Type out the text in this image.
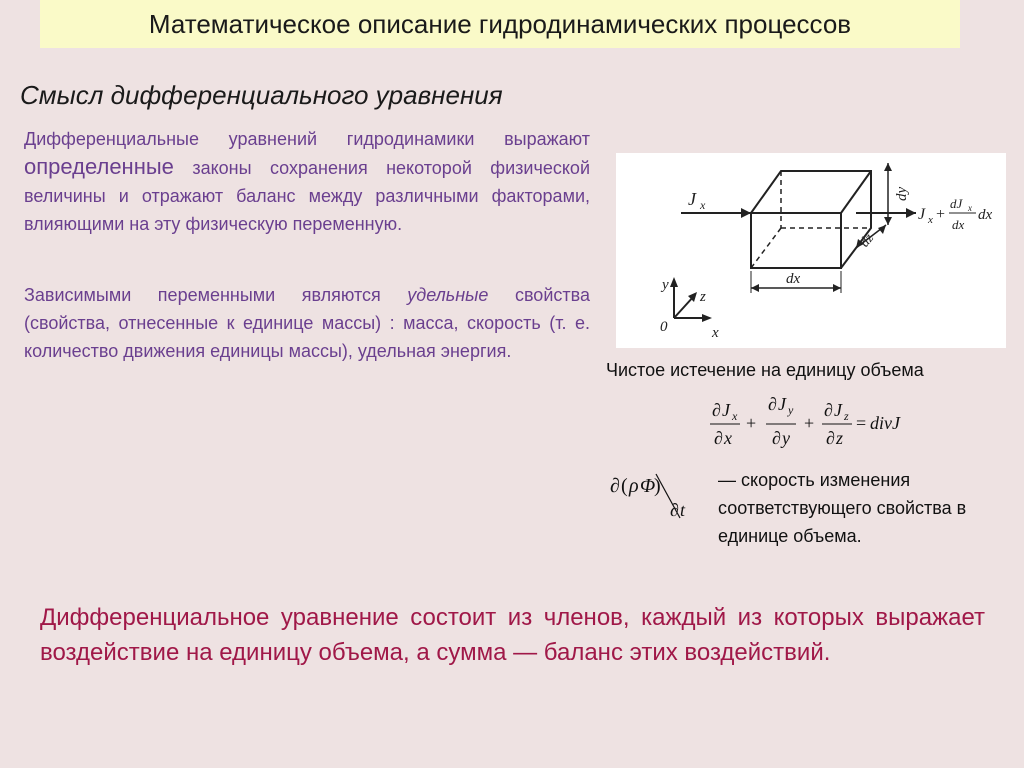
Математическое описание гидродинамических процессов
Смысл дифференциального уравнения

Дифференциальные уравнений гидродинамики выражают определенные законы сохранения некоторой физической величины и отражают баланс между различными факторами, влияющими на эту физическую переменную.

Зависимыми переменными являются удельные свойства (свойства, отнесенные к единице массы) : масса, скорость (т. е. количество движения единицы массы), удельная энергия.

J x
J x +
dJ x
dx
dx
dy
dz
dx
y
z
x
0
Чистое истечение на единицу объема
∂ J x
∂ x
+
∂ J y
∂ y
+
∂ J z
∂ z
= divJ
∂ ( ρ Φ
)
∂ t
— скорость изменения соответствующего свойства в единице объема.

Дифференциальное уравнение состоит из членов, каждый из которых выражает воздействие на единицу объема, а сумма — баланс этих воздействий.
